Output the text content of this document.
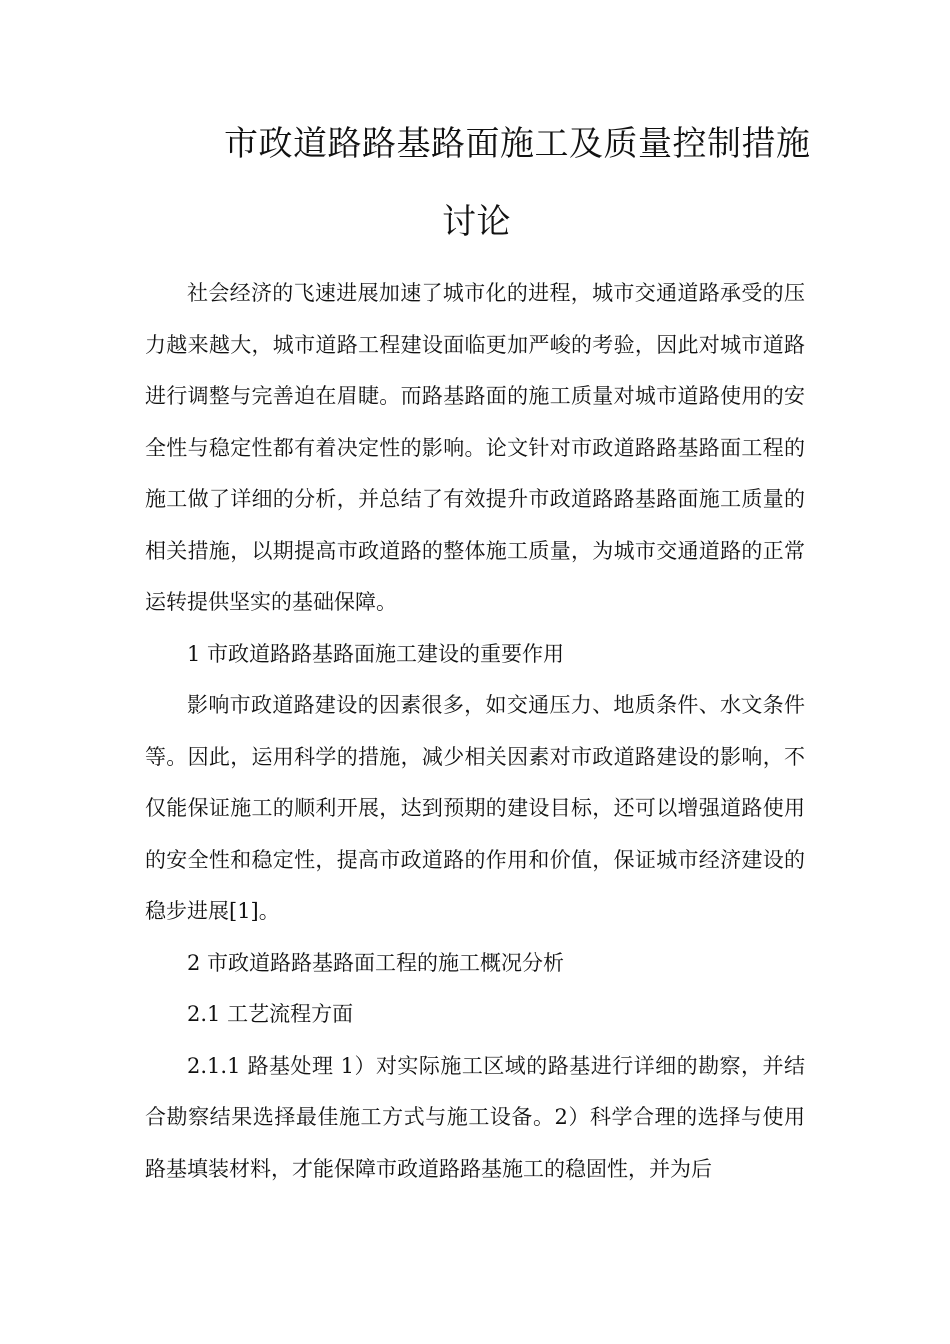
市政道路路基路面施工及质量控制措施
讨论

社会经济的飞速进展加速了城市化的进程，城市交通道路承受的压力越来越大，城市道路工程建设面临更加严峻的考验，因此对城市道路进行调整与完善迫在眉睫。而路基路面的施工质量对城市道路使用的安全性与稳定性都有着决定性的影响。论文针对市政道路路基路面工程的施工做了详细的分析，并总结了有效提升市政道路路基路面施工质量的相关措施，以期提高市政道路的整体施工质量，为城市交通道路的正常运转提供坚实的基础保障。

1 市政道路路基路面施工建设的重要作用

影响市政道路建设的因素很多，如交通压力、地质条件、水文条件等。因此，运用科学的措施，减少相关因素对市政道路建设的影响，不仅能保证施工的顺利开展，达到预期的建设目标，还可以增强道路使用的安全性和稳定性，提高市政道路的作用和价值，保证城市经济建设的稳步进展[1]。

2 市政道路路基路面工程的施工概况分析

2.1 工艺流程方面

2.1.1 路基处理 1）对实际施工区域的路基进行详细的勘察，并结合勘察结果选择最佳施工方式与施工设备。2）科学合理的选择与使用路基填装材料，才能保障市政道路路基施工的稳固性，并为后
